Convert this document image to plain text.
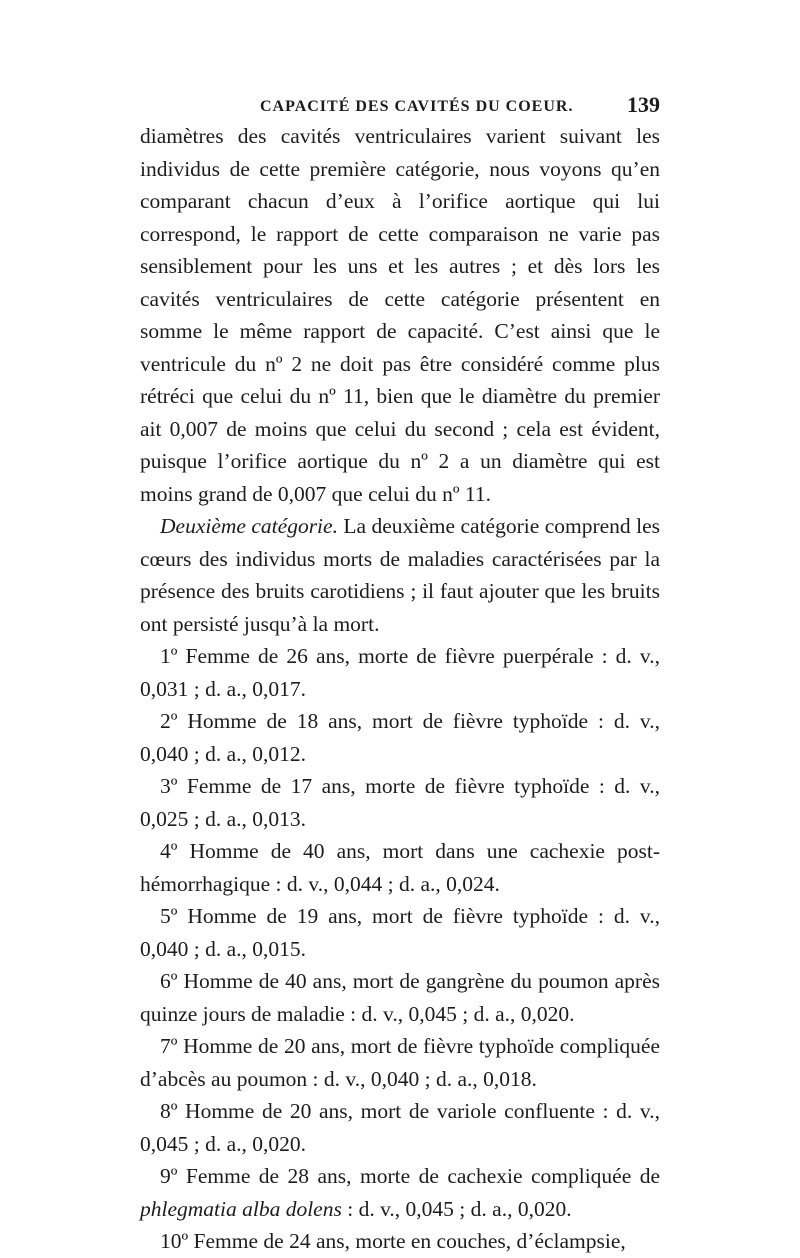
CAPACITÉ DES CAVITÉS DU COEUR. 139

diamètres des cavités ventriculaires varient suivant les individus de cette première catégorie, nous voyons qu’en comparant chacun d’eux à l’orifice aortique qui lui correspond, le rapport de cette comparaison ne varie pas sensiblement pour les uns et les autres ; et dès lors les cavités ventriculaires de cette catégorie présentent en somme le même rapport de capacité. C’est ainsi que le ventricule du nº 2 ne doit pas être considéré comme plus rétréci que celui du nº 11, bien que le diamètre du premier ait 0,007 de moins que celui du second ; cela est évident, puisque l’orifice aortique du nº 2 a un diamètre qui est moins grand de 0,007 que celui du nº 11.

Deuxième catégorie. La deuxième catégorie comprend les cœurs des individus morts de maladies caractérisées par la présence des bruits carotidiens ; il faut ajouter que les bruits ont persisté jusqu’à la mort.

1º Femme de 26 ans, morte de fièvre puerpérale : d. v., 0,031 ; d. a., 0,017.

2º Homme de 18 ans, mort de fièvre typhoïde : d. v., 0,040 ; d. a., 0,012.

3º Femme de 17 ans, morte de fièvre typhoïde : d. v., 0,025 ; d. a., 0,013.

4º Homme de 40 ans, mort dans une cachexie post-hémorrhagique : d. v., 0,044 ; d. a., 0,024.

5º Homme de 19 ans, mort de fièvre typhoïde : d. v., 0,040 ; d. a., 0,015.

6º Homme de 40 ans, mort de gangrène du poumon après quinze jours de maladie : d. v., 0,045 ; d. a., 0,020.

7º Homme de 20 ans, mort de fièvre typhoïde compliquée d’abcès au poumon : d. v., 0,040 ; d. a., 0,018.

8º Homme de 20 ans, mort de variole confluente : d. v., 0,045 ; d. a., 0,020.

9º Femme de 28 ans, morte de cachexie compliquée de phlegmatia alba dolens : d. v., 0,045 ; d. a., 0,020.

10º Femme de 24 ans, morte en couches, d’éclampsie,
